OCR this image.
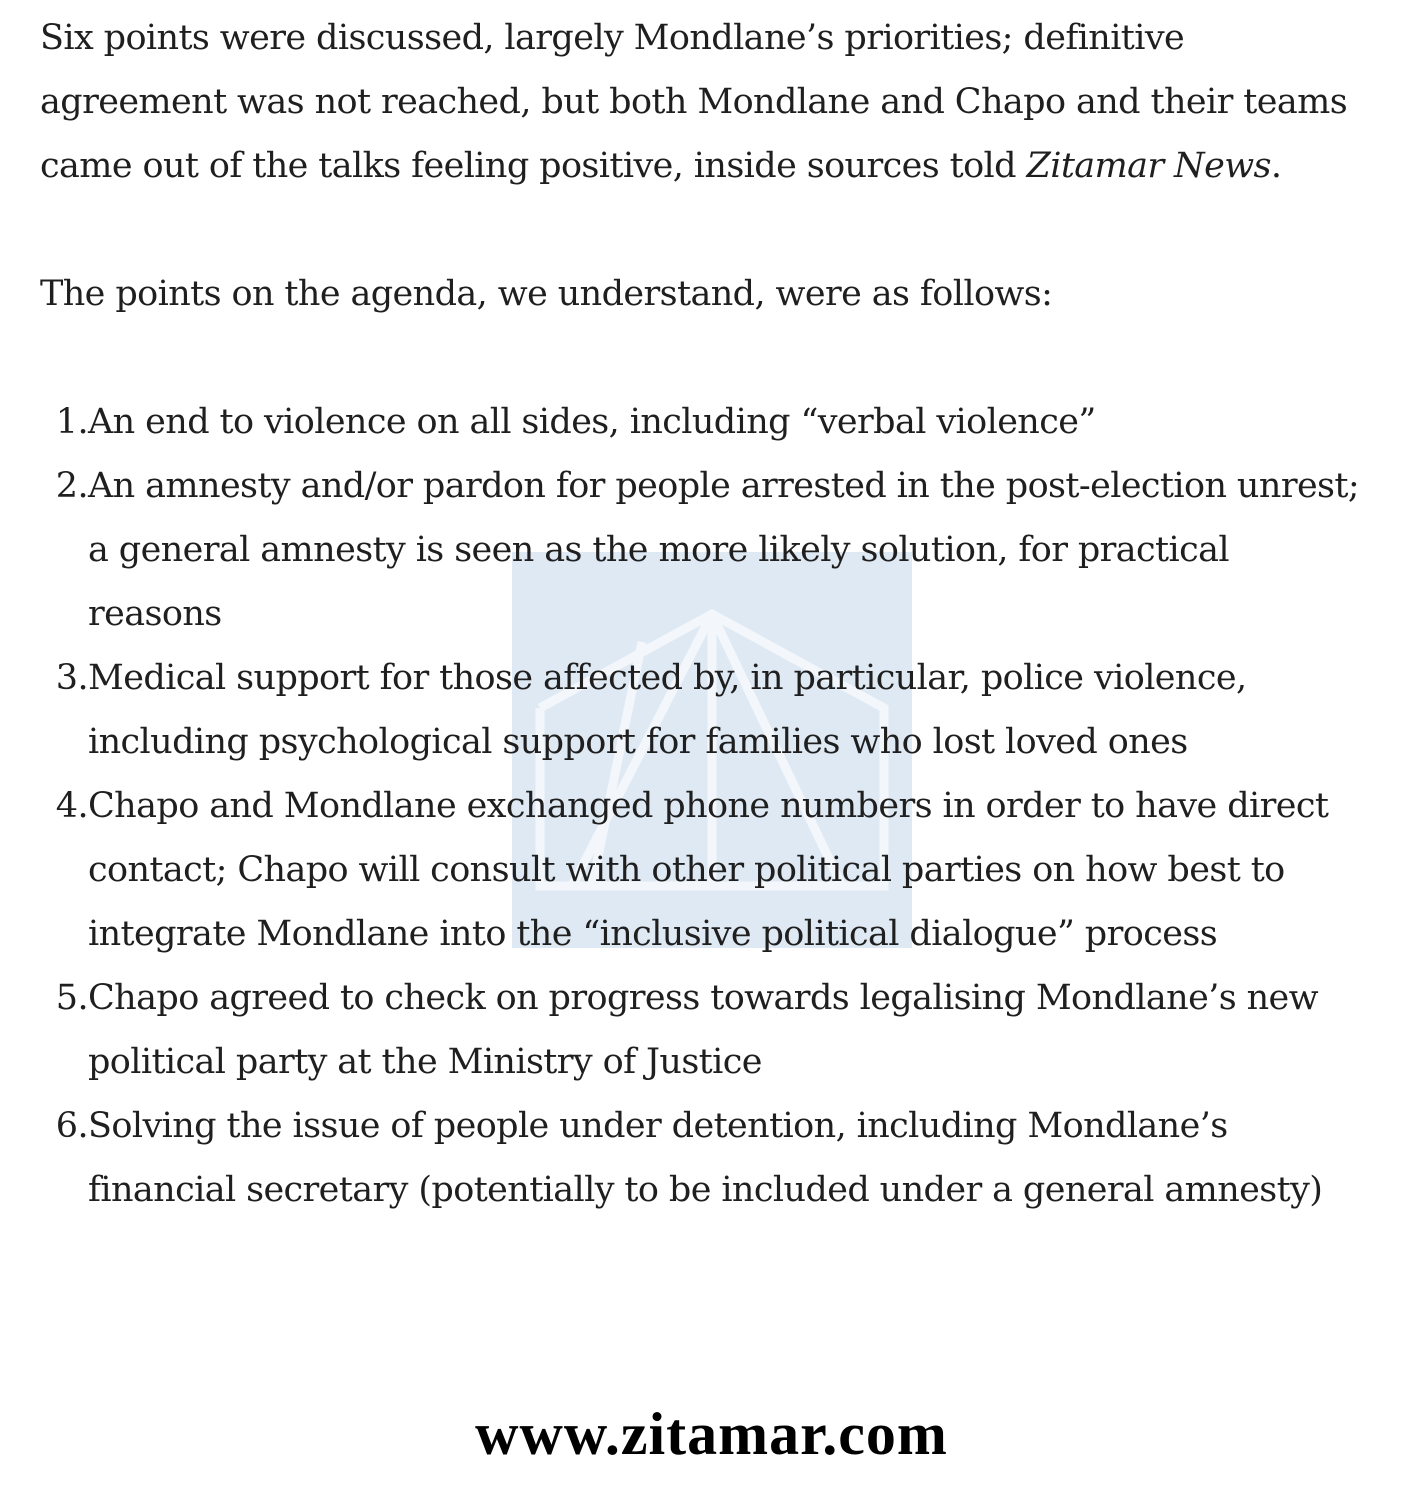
Six points were discussed, largely Mondlane’s priorities; definitive agreement was not reached, but both Mondlane and Chapo and their teams came out of the talks feeling positive, inside sources told Zitamar News.

The points on the agenda, we understand, were as follows:

1. An end to violence on all sides, including “verbal violence”
2. An amnesty and/or pardon for people arrested in the post-election unrest; a general amnesty is seen as the more likely solution, for practical reasons
3. Medical support for those affected by, in particular, police violence, including psychological support for families who lost loved ones
4. Chapo and Mondlane exchanged phone numbers in order to have direct contact; Chapo will consult with other political parties on how best to integrate Mondlane into the “inclusive political dialogue” process
5. Chapo agreed to check on progress towards legalising Mondlane’s new political party at the Ministry of Justice
6. Solving the issue of people under detention, including Mondlane’s financial secretary (potentially to be included under a general amnesty)
www.zitamar.com
